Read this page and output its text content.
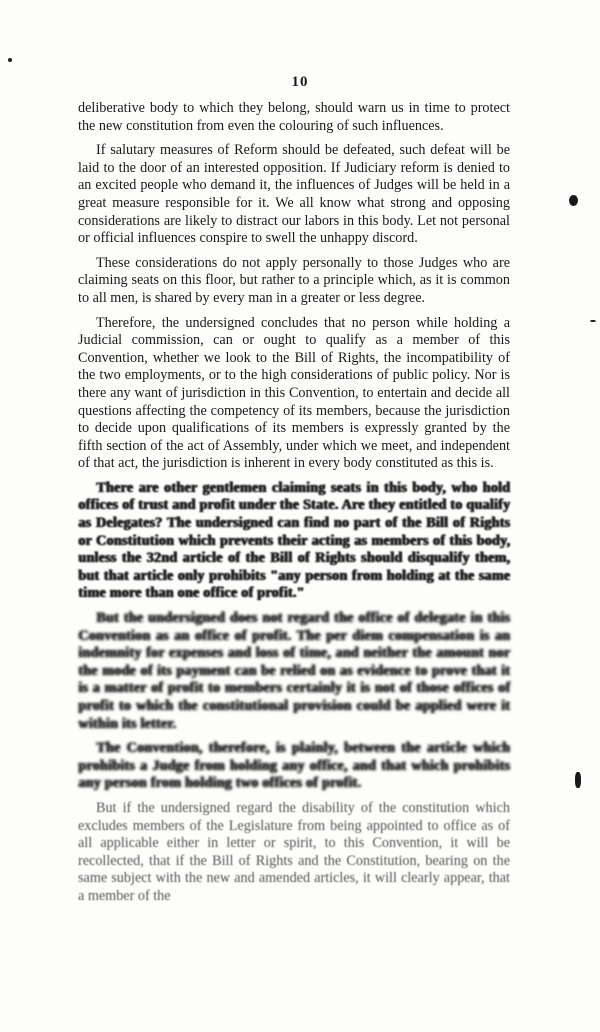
10

deliberative body to which they belong, should warn us in time to protect the new constitution from even the colouring of such influences.

If salutary measures of Reform should be defeated, such defeat will be laid to the door of an interested opposition. If Judiciary reform is denied to an excited people who demand it, the influences of Judges will be held in a great measure responsible for it. We all know what strong and opposing considerations are likely to distract our labors in this body. Let not personal or official influences conspire to swell the unhappy discord.

These considerations do not apply personally to those Judges who are claiming seats on this floor, but rather to a principle which, as it is common to all men, is shared by every man in a greater or less degree.

Therefore, the undersigned concludes that no person while holding a Judicial commission, can or ought to qualify as a member of this Convention, whether we look to the Bill of Rights, the incompatibility of the two employments, or to the high considerations of public policy. Nor is there any want of jurisdiction in this Convention, to entertain and decide all questions affecting the competency of its members, because the jurisdiction to decide upon qualifications of its members is expressly granted by the fifth section of the act of Assembly, under which we meet, and independent of that act, the jurisdiction is inherent in every body constituted as this is.

There are other gentlemen claiming seats in this body, who hold offices of trust and profit under the State. Are they entitled to qualify as Delegates? The undersigned can find no part of the Bill of Rights or Constitution which prevents their acting as members of this body, unless the 32nd article of the Bill of Rights should disqualify them, but that article only prohibits "any person from holding at the same time more than one office of profit."

But the undersigned does not regard the office of delegate in this Convention as an office of profit. The per diem compensation is an indemnity for expenses and loss of time, and neither the amount nor the mode of its payment can be relied on as evidence to prove that it is a matter of profit to members certainly it is not of those offices of profit to which the constitutional provision could be applied were it within its letter.

The Convention, therefore, is plainly, between the article which prohibits a Judge from holding any office, and that which prohibits any person from holding two offices of profit.

But if the undersigned regard the disability of the constitution which excludes members of the Legislature from being appointed to office as of all applicable either in letter or spirit, to this Convention, it will be recollected, that if the Bill of Rights and the Constitution, bearing on the same subject with the new and amended articles, it will clearly appear, that a member of the
